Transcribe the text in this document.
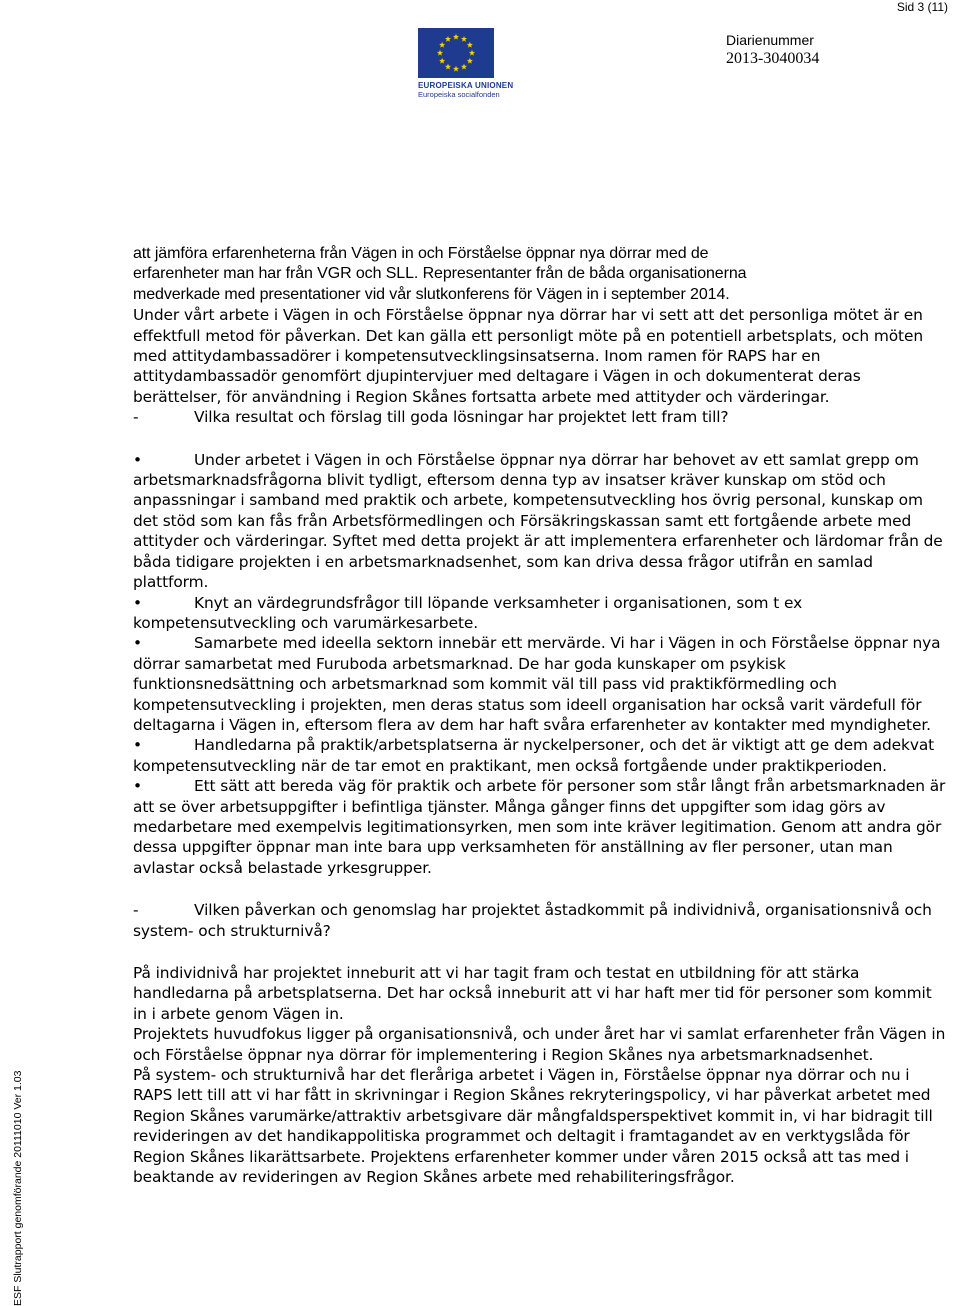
Sid 3 (11)
EUROPEISKA UNIONEN
Europeiska socialfonden
Diarienummer
2013-3040034
ESF Slutrapport genomförande 20111010 Ver 1.03

att jämföra erfarenheterna från Vägen in och Förståelse öppnar nya dörrar med de

erfarenheter man har från VGR och SLL. Representanter från de båda organisationerna

medverkade med presentationer vid vår slutkonferens för Vägen in i september 2014.

Under vårt arbete i Vägen in och Förståelse öppnar nya dörrar har vi sett att det personliga mötet är en effektfull metod för påverkan. Det kan gälla ett personligt möte på en potentiell arbetsplats, och möten med attitydambassadörer i kompetensutvecklingsinsatserna. Inom ramen för RAPS har en attitydambassadör genomfört djupintervjuer med deltagare i Vägen in och dokumenterat deras berättelser, för användning i Region Skånes fortsatta arbete med attityder och värderingar.

-	Vilka resultat och förslag till goda lösningar har projektet lett fram till?

•	Under arbetet i Vägen in och Förståelse öppnar nya dörrar har behovet av ett samlat grepp om arbetsmarknadsfrågorna blivit tydligt, eftersom denna typ av insatser kräver kunskap om stöd och anpassningar i samband med praktik och arbete, kompetensutveckling hos övrig personal, kunskap om det stöd som kan fås från Arbetsförmedlingen och Försäkringskassan samt ett fortgående arbete med attityder och värderingar. Syftet med detta projekt är att implementera erfarenheter och lärdomar från de båda tidigare projekten i en arbetsmarknadsenhet, som kan driva dessa frågor utifrån en samlad plattform.

•	Knyt an värdegrundsfrågor till löpande verksamheter i organisationen, som t ex kompetensutveckling och varumärkesarbete.

•	Samarbete med ideella sektorn innebär ett mervärde. Vi har i Vägen in och Förståelse öppnar nya dörrar samarbetat med Furuboda arbetsmarknad. De har goda kunskaper om psykisk funktionsnedsättning och arbetsmarknad som kommit väl till pass vid praktikförmedling och kompetensutveckling i projekten, men deras status som ideell organisation har också varit värdefull för deltagarna i Vägen in, eftersom flera av dem har haft svåra erfarenheter av kontakter med myndigheter.

•	Handledarna på praktik/arbetsplatserna är nyckelpersoner, och det är viktigt att ge dem adekvat kompetensutveckling när de tar emot en praktikant, men också fortgående under praktikperioden.

•	Ett sätt att bereda väg för praktik och arbete för personer som står långt från arbetsmarknaden är att se över arbetsuppgifter i befintliga tjänster. Många gånger finns det uppgifter som idag görs av medarbetare med exempelvis legitimationsyrken, men som inte kräver legitimation. Genom att andra gör dessa uppgifter öppnar man inte bara upp verksamheten för anställning av fler personer, utan man avlastar också belastade yrkesgrupper.

-	Vilken påverkan och genomslag har projektet åstadkommit på individnivå, organisationsnivå och system- och strukturnivå?

På individnivå har projektet inneburit att vi har tagit fram och testat en utbildning för att stärka handledarna på arbetsplatserna. Det har också inneburit att vi har haft mer tid för personer som kommit in i arbete genom Vägen in.

Projektets huvudfokus ligger på organisationsnivå, och under året har vi samlat erfarenheter från Vägen in och Förståelse öppnar nya dörrar för implementering i Region Skånes nya arbetsmarknadsenhet.

På system- och strukturnivå har det fleråriga arbetet i Vägen in, Förståelse öppnar nya dörrar och nu i RAPS lett till att vi har fått in skrivningar i Region Skånes rekryteringspolicy, vi har påverkat arbetet med Region Skånes varumärke/attraktiv arbetsgivare där mångfaldsperspektivet kommit in, vi har bidragit till revideringen av det handikappolitiska programmet och deltagit i framtagandet av en verktygslåda för Region Skånes likarättsarbete. Projektens erfarenheter kommer under våren 2015 också att tas med i beaktande av revideringen av Region Skånes arbete med rehabiliteringsfrågor.
